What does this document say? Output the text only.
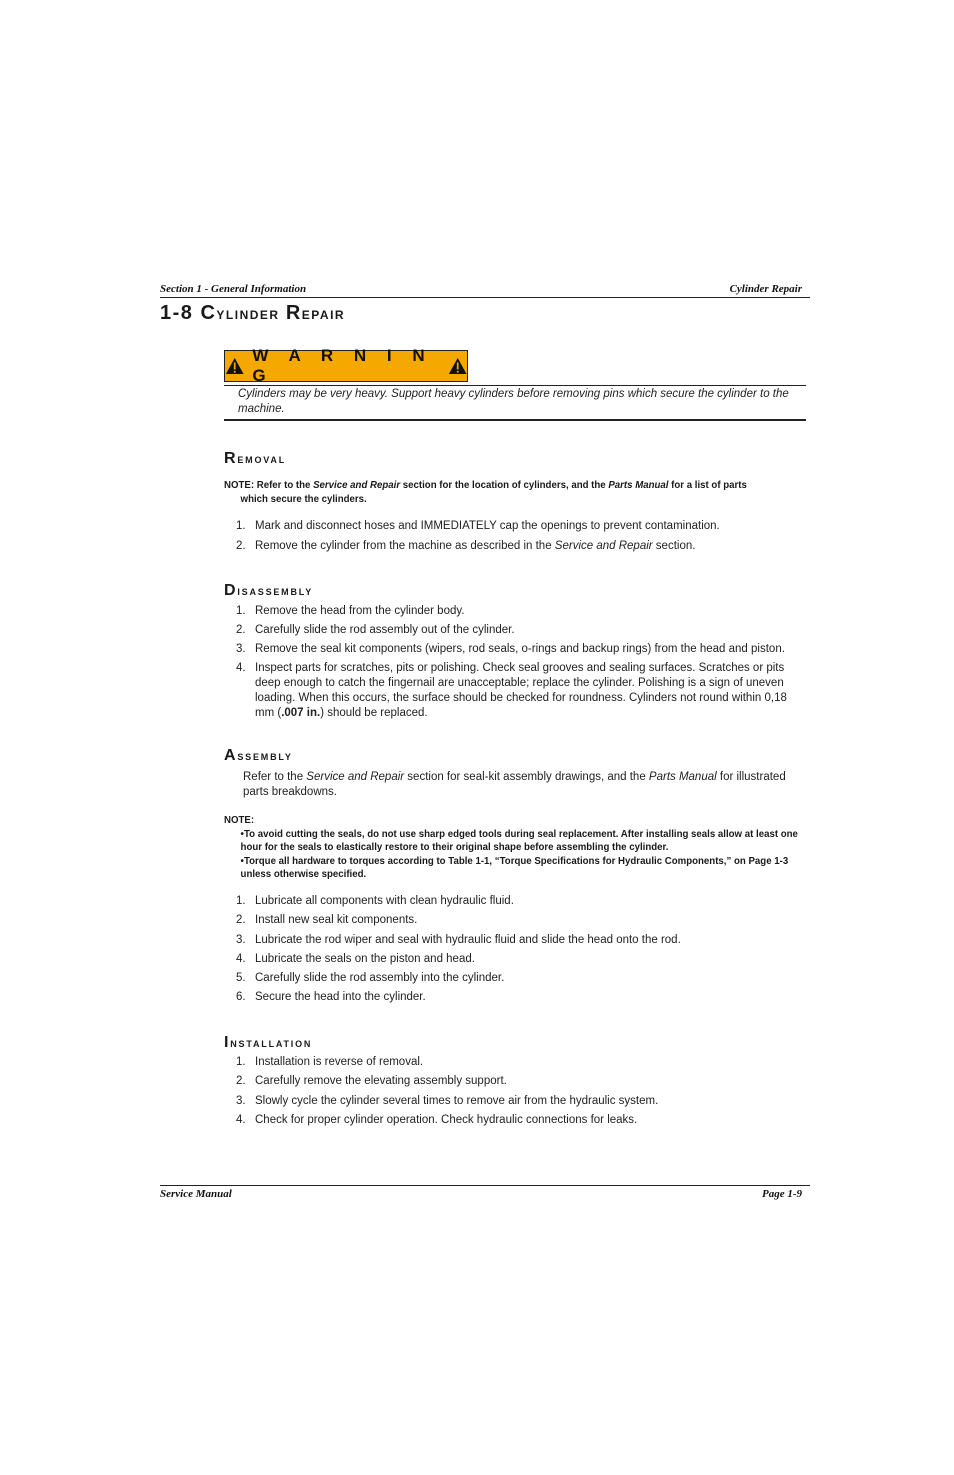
Section 1 - General Information	Cylinder Repair
1-8 Cylinder Repair
W A R N I N G
Cylinders may be very heavy. Support heavy cylinders before removing pins which secure the cylinder to the machine.
Removal
NOTE: Refer to the Service and Repair section for the location of cylinders, and the Parts Manual for a list of parts
which secure the cylinders.
1. Mark and disconnect hoses and IMMEDIATELY cap the openings to prevent contamination.
2. Remove the cylinder from the machine as described in the Service and Repair section.
Disassembly
1. Remove the head from the cylinder body.
2. Carefully slide the rod assembly out of the cylinder.
3. Remove the seal kit components (wipers, rod seals, o-rings and backup rings) from the head and piston.
4. Inspect parts for scratches, pits or polishing. Check seal grooves and sealing surfaces. Scratches or pits deep enough to catch the fingernail are unacceptable; replace the cylinder. Polishing is a sign of uneven loading. When this occurs, the surface should be checked for roundness. Cylinders not round within 0,18 mm (.007 in.) should be replaced.
Assembly
Refer to the Service and Repair section for seal-kit assembly drawings, and the Parts Manual for illustrated parts breakdowns.
NOTE:
•To avoid cutting the seals, do not use sharp edged tools during seal replacement. After installing seals allow at least one hour for the seals to elastically restore to their original shape before assembling the cylinder.
•Torque all hardware to torques according to Table 1-1, “Torque Specifications for Hydraulic Components,” on Page 1-3 unless otherwise specified.
1. Lubricate all components with clean hydraulic fluid.
2. Install new seal kit components.
3. Lubricate the rod wiper and seal with hydraulic fluid and slide the head onto the rod.
4. Lubricate the seals on the piston and head.
5. Carefully slide the rod assembly into the cylinder.
6. Secure the head into the cylinder.
Installation
1. Installation is reverse of removal.
2. Carefully remove the elevating assembly support.
3. Slowly cycle the cylinder several times to remove air from the hydraulic system.
4. Check for proper cylinder operation. Check hydraulic connections for leaks.
Service Manual	Page 1-9
